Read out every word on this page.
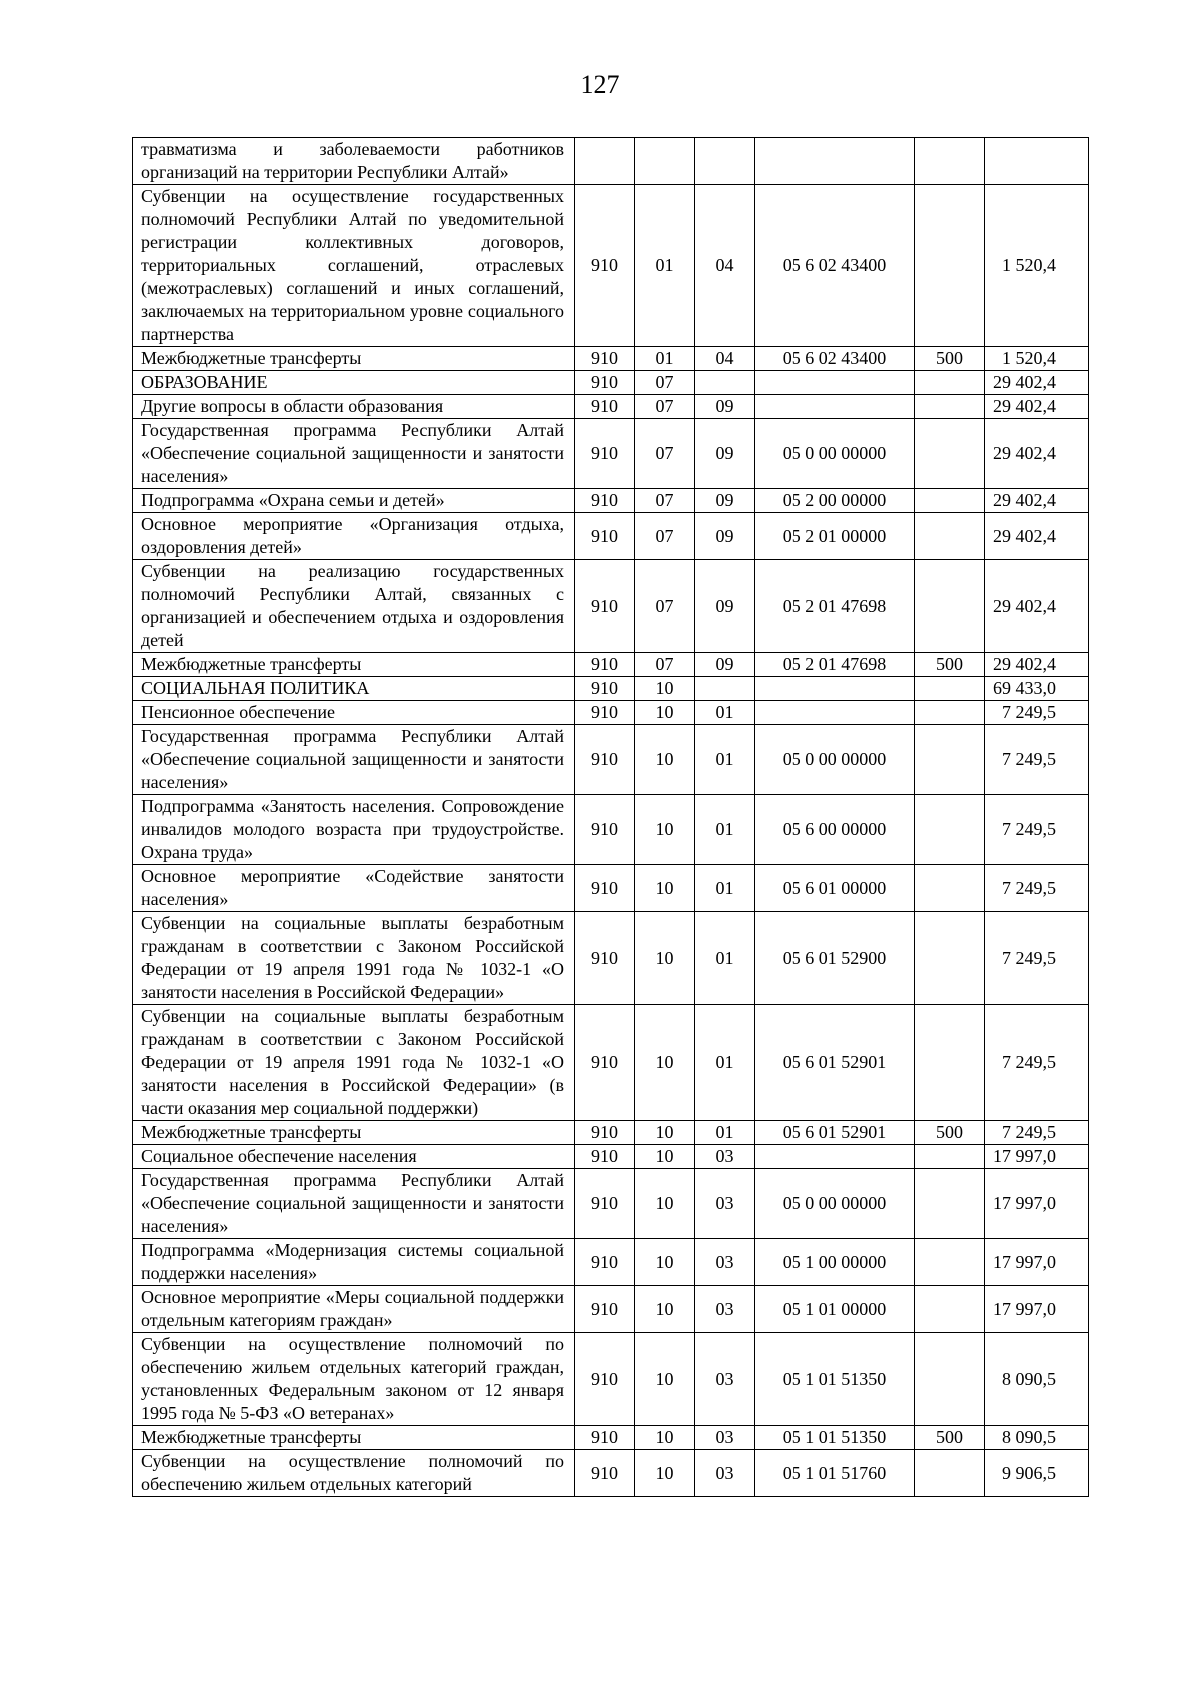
127
травматизма и заболеваемости работников организаций на территории Республики Алтай»						
Субвенции на осуществление государственных полномочий Республики Алтай по уведомительной регистрации коллективных договоров, территориальных соглашений, отраслевых (межотраслевых) соглашений и иных соглашений, заключаемых на территориальном уровне социального партнерства	910	01	04	05 6 02 43400		1 520,4
Межбюджетные трансферты	910	01	04	05 6 02 43400	500	1 520,4
ОБРАЗОВАНИЕ	910	07				29 402,4
Другие вопросы в области образования	910	07	09			29 402,4
Государственная программа Республики Алтай «Обеспечение социальной защищенности и занятости населения»	910	07	09	05 0 00 00000		29 402,4
Подпрограмма «Охрана семьи и детей»	910	07	09	05 2 00 00000		29 402,4
Основное мероприятие «Организация отдыха, оздоровления детей»	910	07	09	05 2 01 00000		29 402,4
Субвенции на реализацию государственных полномочий Республики Алтай, связанных с организацией и обеспечением отдыха и оздоровления детей	910	07	09	05 2 01 47698		29 402,4
Межбюджетные трансферты	910	07	09	05 2 01 47698	500	29 402,4
СОЦИАЛЬНАЯ ПОЛИТИКА	910	10				69 433,0
Пенсионное обеспечение	910	10	01			7 249,5
Государственная программа Республики Алтай «Обеспечение социальной защищенности и занятости населения»	910	10	01	05 0 00 00000		7 249,5
Подпрограмма «Занятость населения. Сопровождение инвалидов молодого возраста при трудоустройстве. Охрана труда»	910	10	01	05 6 00 00000		7 249,5
Основное мероприятие «Содействие занятости населения»	910	10	01	05 6 01 00000		7 249,5
Субвенции на социальные выплаты безработным гражданам в соответствии с Законом Российской Федерации от 19 апреля 1991 года № 1032-1 «О занятости населения в Российской Федерации»	910	10	01	05 6 01 52900		7 249,5
Субвенции на социальные выплаты безработным гражданам в соответствии с Законом Российской Федерации от 19 апреля 1991 года № 1032-1 «О занятости населения в Российской Федерации» (в части оказания мер социальной поддержки)	910	10	01	05 6 01 52901		7 249,5
Межбюджетные трансферты	910	10	01	05 6 01 52901	500	7 249,5
Социальное обеспечение населения	910	10	03			17 997,0
Государственная программа Республики Алтай «Обеспечение социальной защищенности и занятости населения»	910	10	03	05 0 00 00000		17 997,0
Подпрограмма «Модернизация системы социальной поддержки населения»	910	10	03	05 1 00 00000		17 997,0
Основное мероприятие «Меры социальной поддержки отдельным категориям граждан»	910	10	03	05 1 01 00000		17 997,0
Субвенции на осуществление полномочий по обеспечению жильем отдельных категорий граждан, установленных Федеральным законом от 12 января 1995 года № 5-ФЗ «О ветеранах»	910	10	03	05 1 01 51350		8 090,5
Межбюджетные трансферты	910	10	03	05 1 01 51350	500	8 090,5
Субвенции на осуществление полномочий по обеспечению жильем отдельных категорий	910	10	03	05 1 01 51760		9 906,5
